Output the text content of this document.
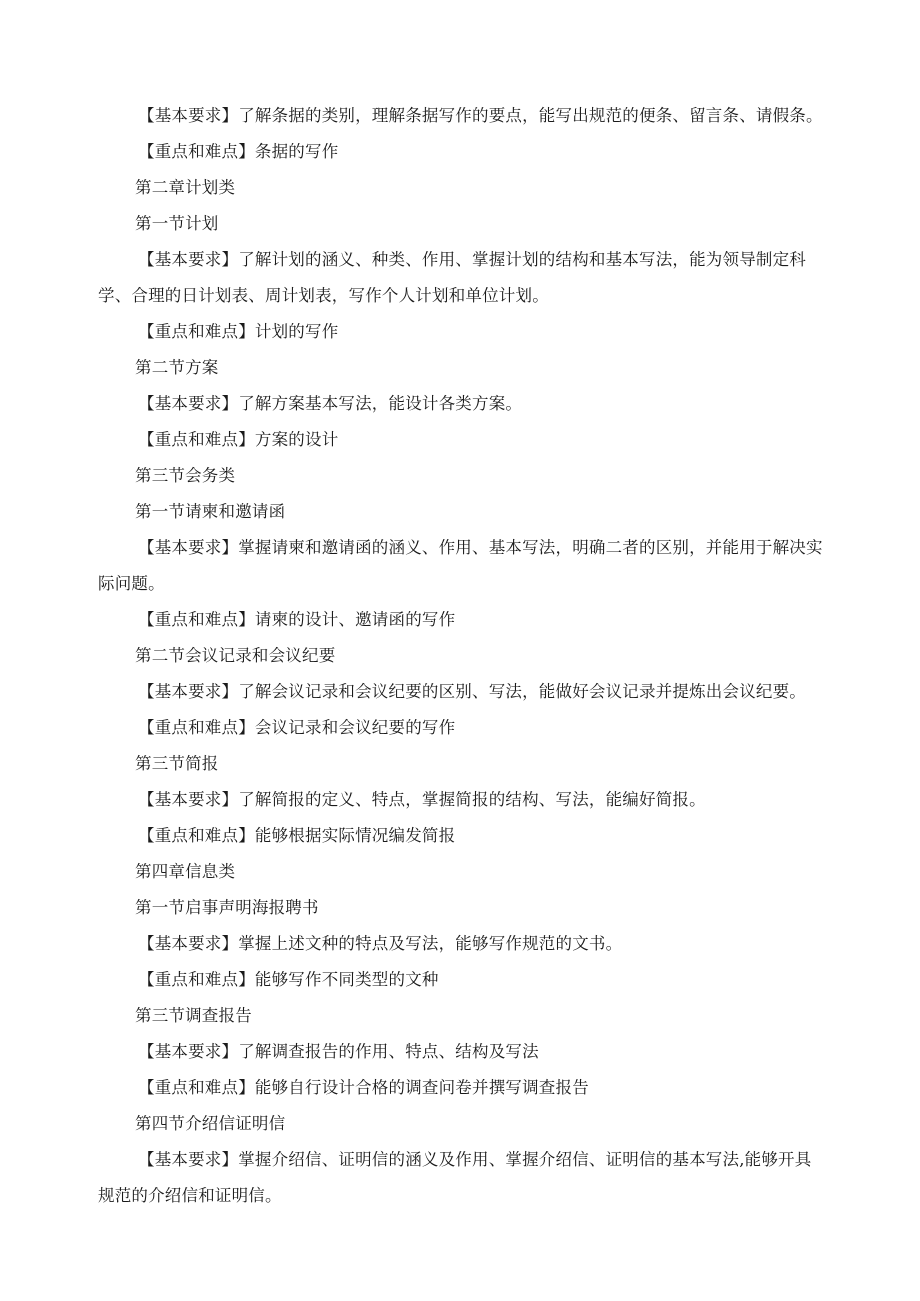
【基本要求】了解条据的类别，理解条据写作的要点，能写出规范的便条、留言条、请假条。
【重点和难点】条据的写作
第二章计划类
第一节计划
【基本要求】了解计划的涵义、种类、作用、掌握计划的结构和基本写法，能为领导制定科学、合理的日计划表、周计划表，写作个人计划和单位计划。
【重点和难点】计划的写作
第二节方案
【基本要求】了解方案基本写法，能设计各类方案。
【重点和难点】方案的设计
第三节会务类
第一节请柬和邀请函
【基本要求】掌握请柬和邀请函的涵义、作用、基本写法，明确二者的区别，并能用于解决实际问题。
【重点和难点】请柬的设计、邀请函的写作
第二节会议记录和会议纪要
【基本要求】了解会议记录和会议纪要的区别、写法，能做好会议记录并提炼出会议纪要。
【重点和难点】会议记录和会议纪要的写作
第三节简报
【基本要求】了解简报的定义、特点，掌握简报的结构、写法，能编好简报。
【重点和难点】能够根据实际情况编发简报
第四章信息类
第一节启事声明海报聘书
【基本要求】掌握上述文种的特点及写法，能够写作规范的文书。
【重点和难点】能够写作不同类型的文种
第三节调查报告
【基本要求】了解调查报告的作用、特点、结构及写法
【重点和难点】能够自行设计合格的调查问卷并撰写调查报告
第四节介绍信证明信
【基本要求】掌握介绍信、证明信的涵义及作用、掌握介绍信、证明信的基本写法,能够开具规范的介绍信和证明信。
